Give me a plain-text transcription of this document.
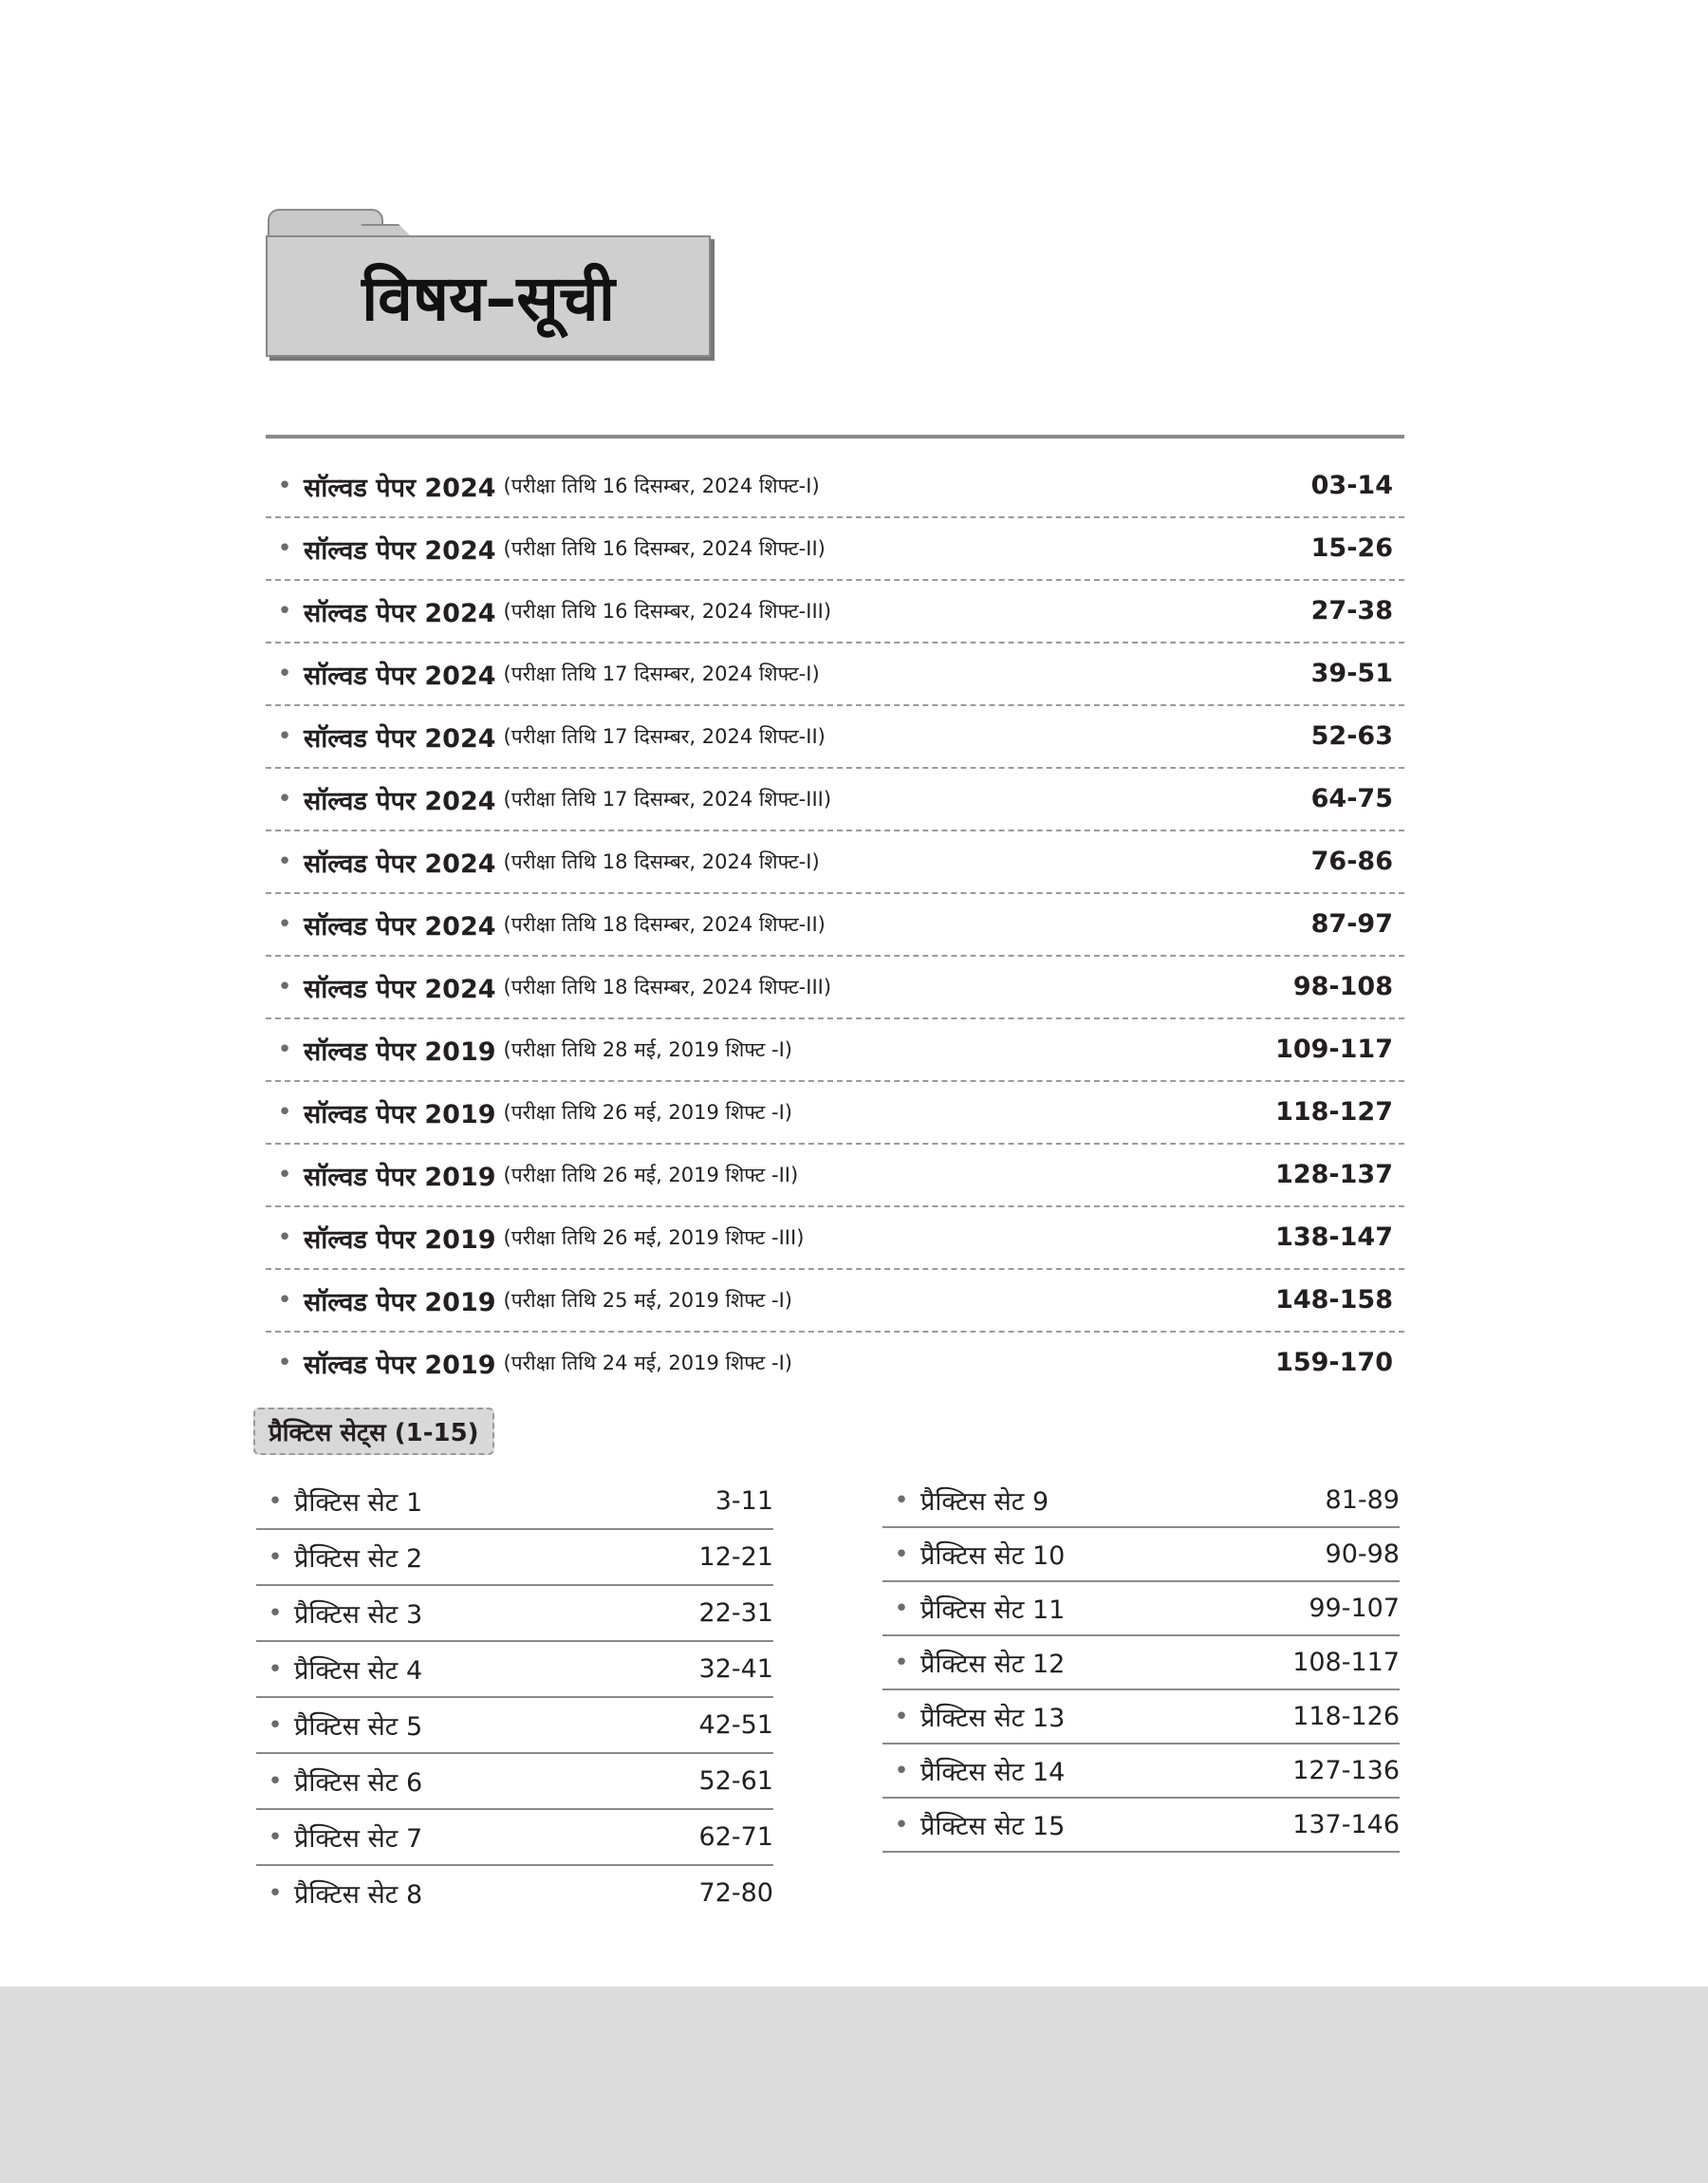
विषय–सूची
• सॉल्वड पेपर 2024 (परीक्षा तिथि 16 दिसम्बर, 2024 शिफ्ट-I)	03-14
• सॉल्वड पेपर 2024 (परीक्षा तिथि 16 दिसम्बर, 2024 शिफ्ट-II)	15-26
• सॉल्वड पेपर 2024 (परीक्षा तिथि 16 दिसम्बर, 2024 शिफ्ट-III)	27-38
• सॉल्वड पेपर 2024 (परीक्षा तिथि 17 दिसम्बर, 2024 शिफ्ट-I)	39-51
• सॉल्वड पेपर 2024 (परीक्षा तिथि 17 दिसम्बर, 2024 शिफ्ट-II)	52-63
• सॉल्वड पेपर 2024 (परीक्षा तिथि 17 दिसम्बर, 2024 शिफ्ट-III)	64-75
• सॉल्वड पेपर 2024 (परीक्षा तिथि 18 दिसम्बर, 2024 शिफ्ट-I)	76-86
• सॉल्वड पेपर 2024 (परीक्षा तिथि 18 दिसम्बर, 2024 शिफ्ट-II)	87-97
• सॉल्वड पेपर 2024 (परीक्षा तिथि 18 दिसम्बर, 2024 शिफ्ट-III)	98-108
• सॉल्वड पेपर 2019 (परीक्षा तिथि 28 मई, 2019 शिफ्ट -I)	109-117
• सॉल्वड पेपर 2019 (परीक्षा तिथि 26 मई, 2019 शिफ्ट -I)	118-127
• सॉल्वड पेपर 2019 (परीक्षा तिथि 26 मई, 2019 शिफ्ट -II)	128-137
• सॉल्वड पेपर 2019 (परीक्षा तिथि 26 मई, 2019 शिफ्ट -III)	138-147
• सॉल्वड पेपर 2019 (परीक्षा तिथि 25 मई, 2019 शिफ्ट -I)	148-158
• सॉल्वड पेपर 2019 (परीक्षा तिथि 24 मई, 2019 शिफ्ट -I)	159-170
प्रैक्टिस सेट्स (1-15)
• प्रैक्टिस सेट 1	3-11
• प्रैक्टिस सेट 2	12-21
• प्रैक्टिस सेट 3	22-31
• प्रैक्टिस सेट 4	32-41
• प्रैक्टिस सेट 5	42-51
• प्रैक्टिस सेट 6	52-61
• प्रैक्टिस सेट 7	62-71
• प्रैक्टिस सेट 8	72-80
• प्रैक्टिस सेट 9	81-89
• प्रैक्टिस सेट 10	90-98
• प्रैक्टिस सेट 11	99-107
• प्रैक्टिस सेट 12	108-117
• प्रैक्टिस सेट 13	118-126
• प्रैक्टिस सेट 14	127-136
• प्रैक्टिस सेट 15	137-146
